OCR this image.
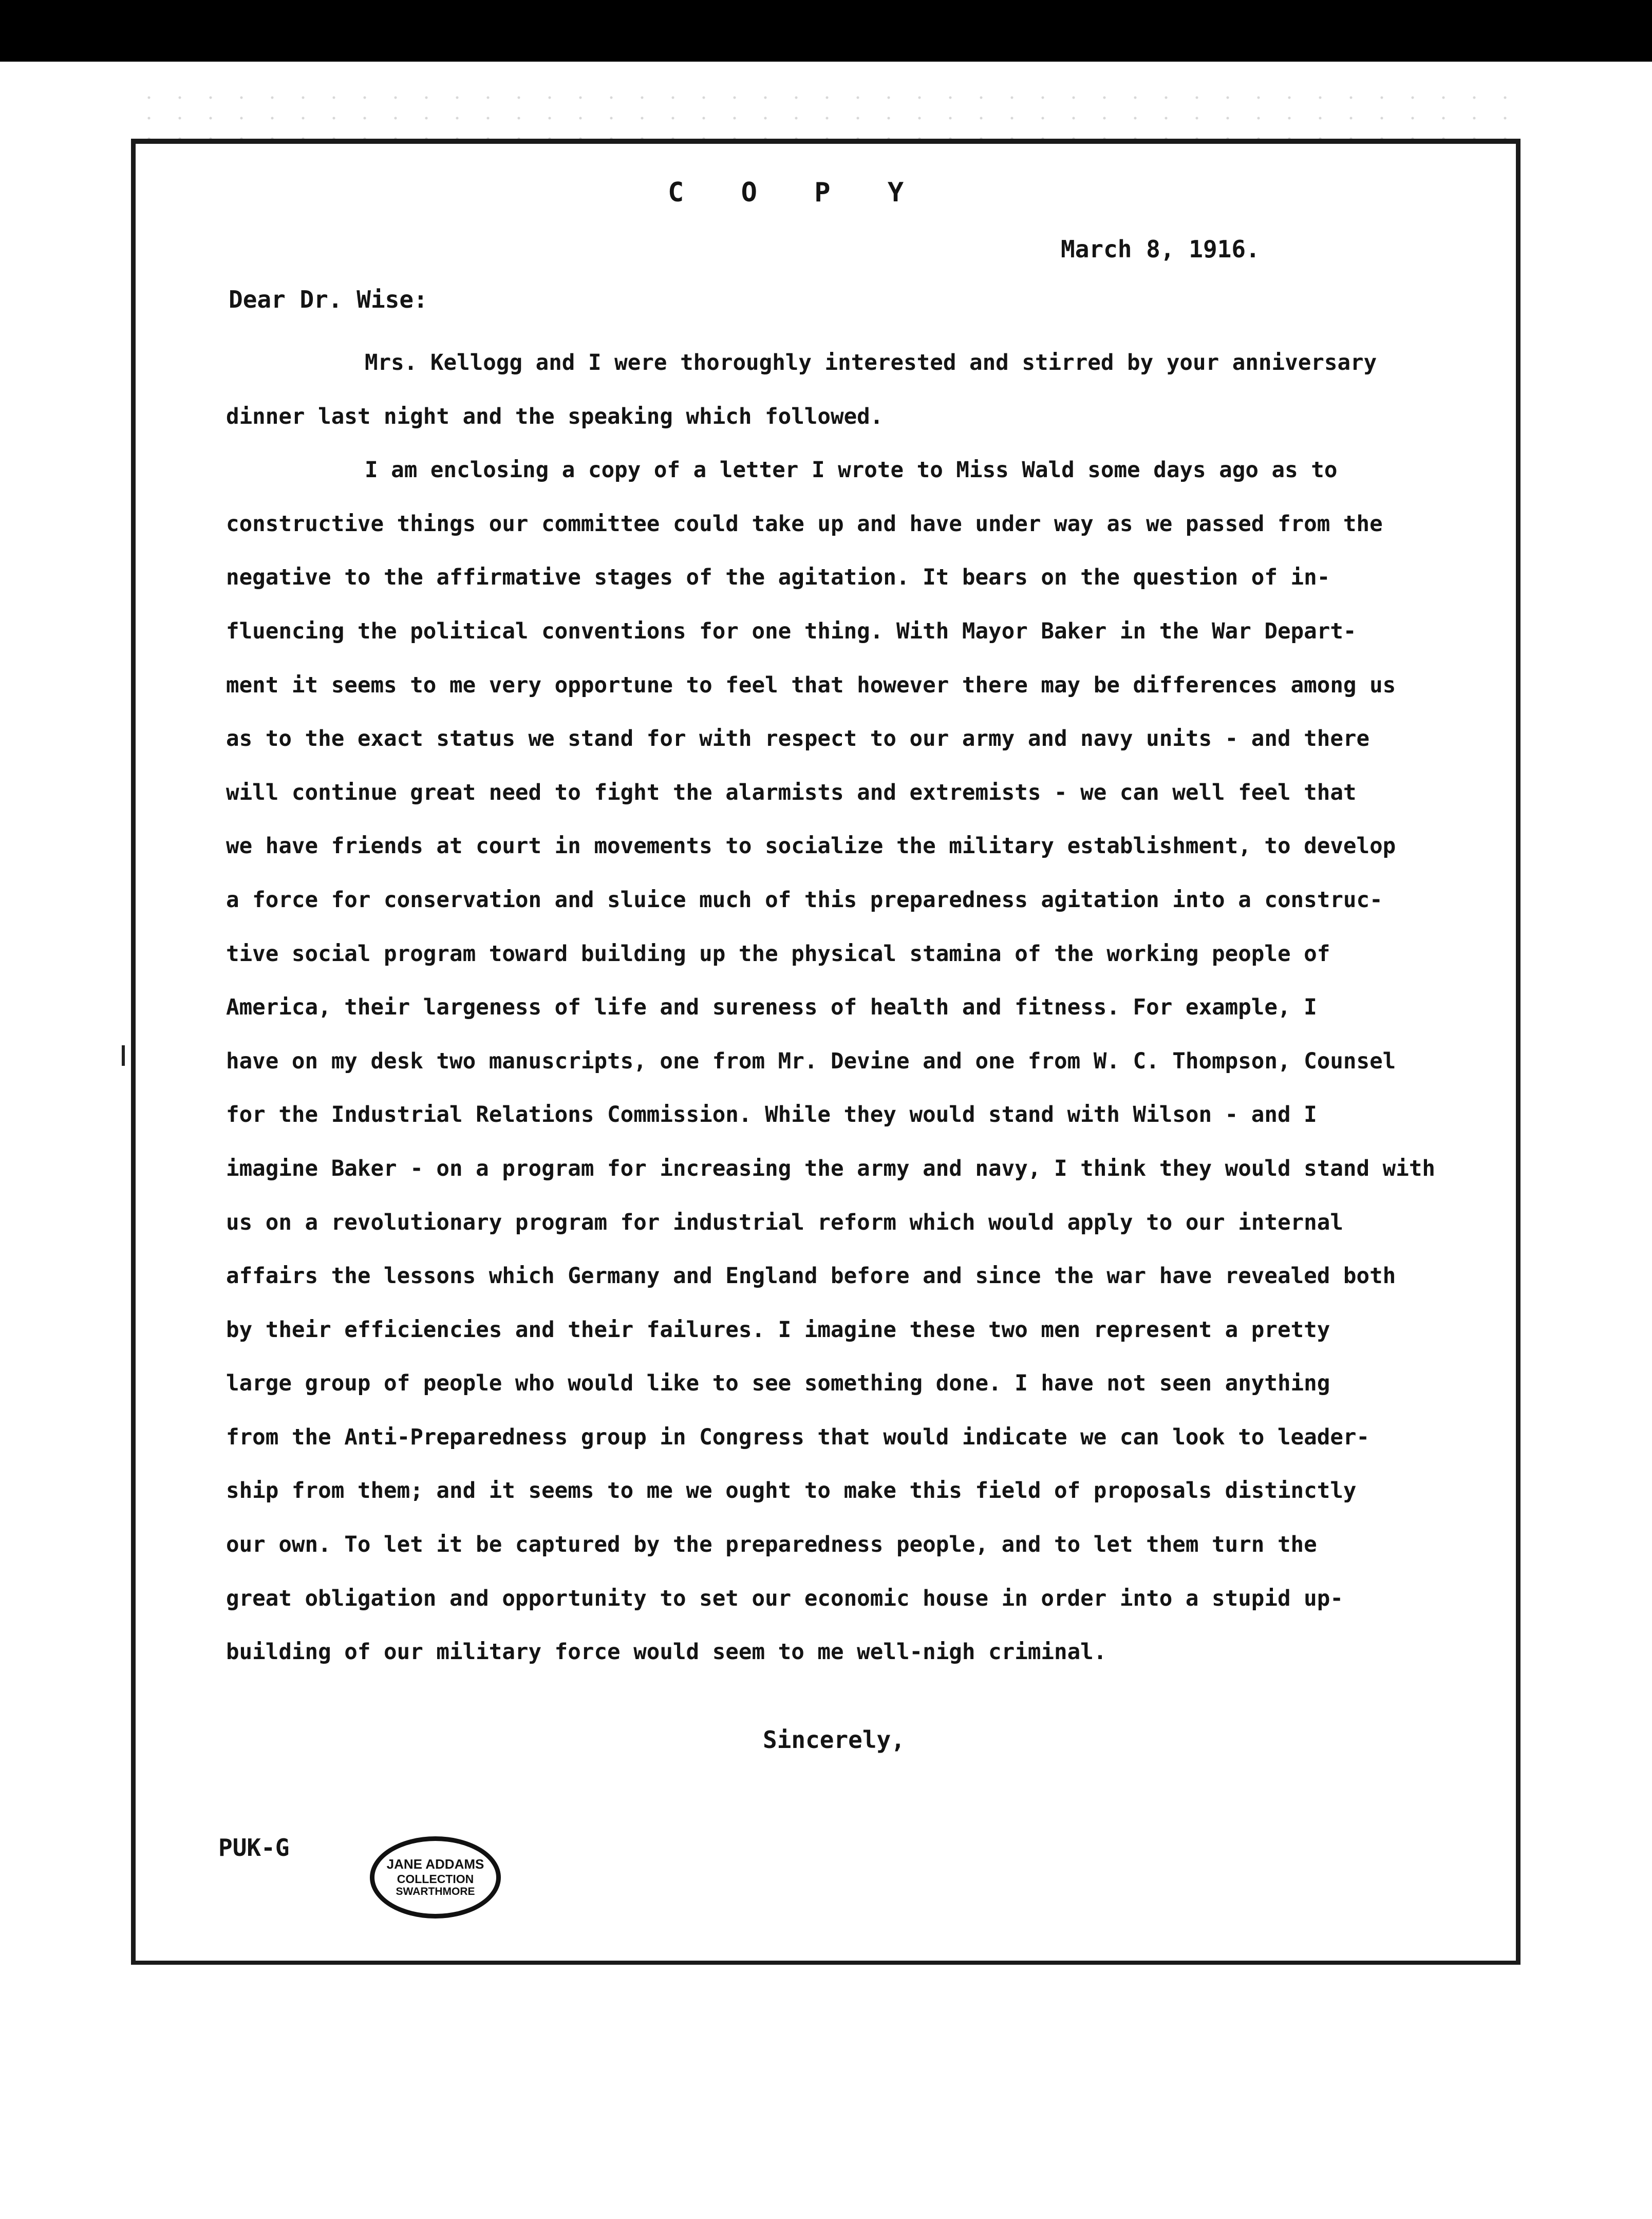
C O P Y
March 8, 1916.
Dear Dr. Wise:
Mrs. Kellogg and I were thoroughly interested and stirred by your anniversary
dinner last night and the speaking which followed.
I am enclosing a copy of a letter I wrote to Miss Wald some days ago as to
constructive things our committee could take up and have under way as we passed from the
negative to the affirmative stages of the agitation. It bears on the question of in-
fluencing the political conventions for one thing. With Mayor Baker in the War Depart-
ment it seems to me very opportune to feel that however there may be differences among us
as to the exact status we stand for with respect to our army and navy units - and there
will continue great need to fight the alarmists and extremists - we can well feel that
we have friends at court in movements to socialize the military establishment, to develop
a force for conservation and sluice much of this preparedness agitation into a construc-
tive social program toward building up the physical stamina of the working people of
America, their largeness of life and sureness of health and fitness. For example, I
have on my desk two manuscripts, one from Mr. Devine and one from W. C. Thompson, Counsel
for the Industrial Relations Commission. While they would stand with Wilson - and I
imagine Baker - on a program for increasing the army and navy, I think they would stand with
us on a revolutionary program for industrial reform which would apply to our internal
affairs the lessons which Germany and England before and since the war have revealed both
by their efficiencies and their failures. I imagine these two men represent a pretty
large group of people who would like to see something done. I have not seen anything
from the Anti-Preparedness group in Congress that would indicate we can look to leader-
ship from them; and it seems to me we ought to make this field of proposals distinctly
our own. To let it be captured by the preparedness people, and to let them turn the
great obligation and opportunity to set our economic house in order into a stupid up-
building of our military force would seem to me well-nigh criminal.
Sincerely,
PUK-G
JANE ADDAMS
COLLECTION
SWARTHMORE
